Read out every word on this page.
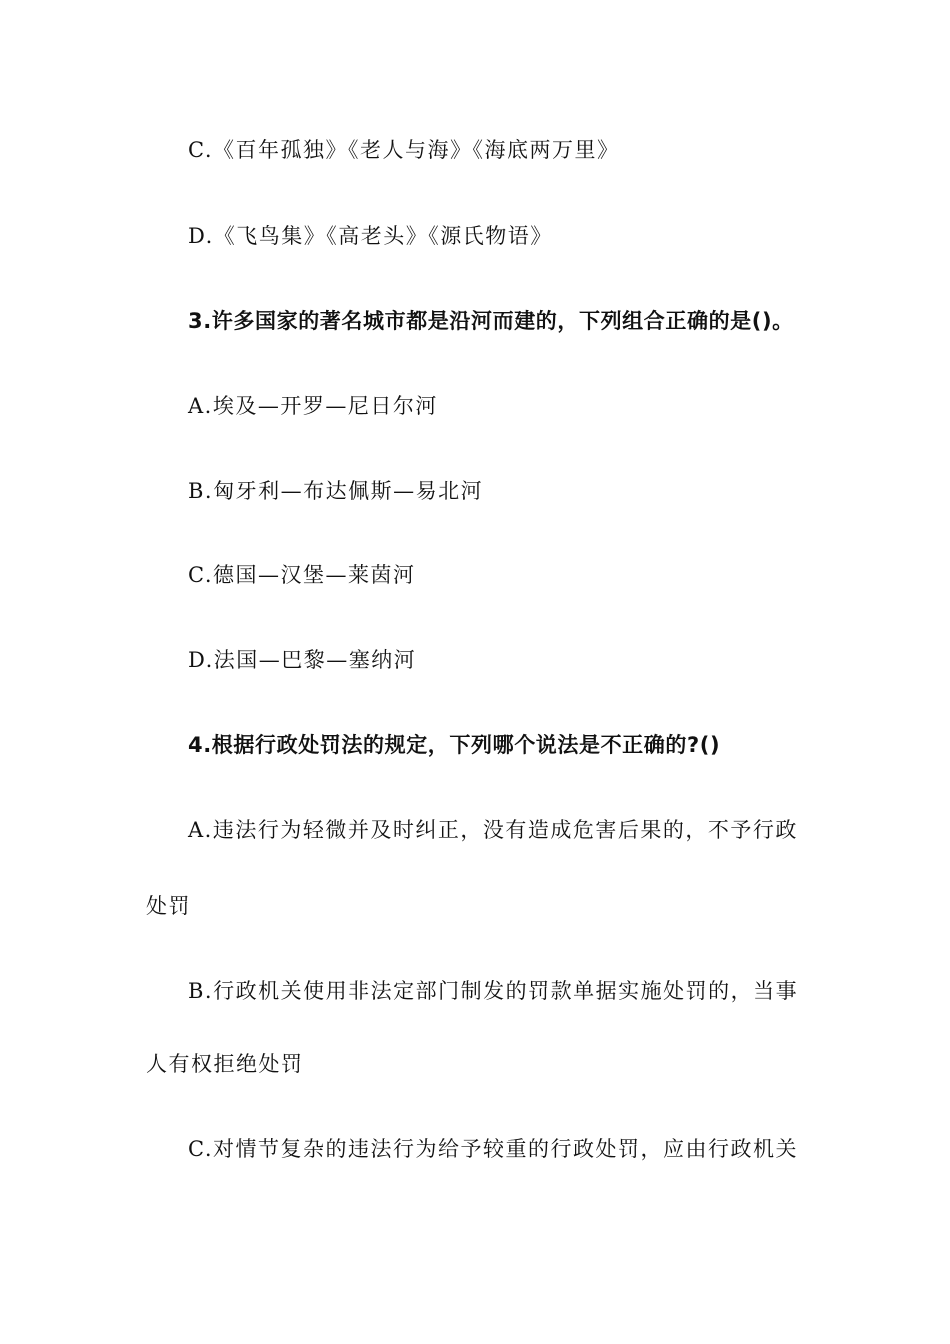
C.《百年孤独》《老人与海》《海底两万里》
D.《飞鸟集》《高老头》《源氏物语》
3.许多国家的著名城市都是沿河而建的，下列组合正确的是()。
A.埃及—开罗—尼日尔河
B.匈牙利—布达佩斯—易北河
C.德国—汉堡—莱茵河
D.法国—巴黎—塞纳河
4.根据行政处罚法的规定，下列哪个说法是不正确的?()
A.违法行为轻微并及时纠正，没有造成危害后果的，不予行政
处罚
B.行政机关使用非法定部门制发的罚款单据实施处罚的，当事
人有权拒绝处罚
C.对情节复杂的违法行为给予较重的行政处罚，应由行政机关
